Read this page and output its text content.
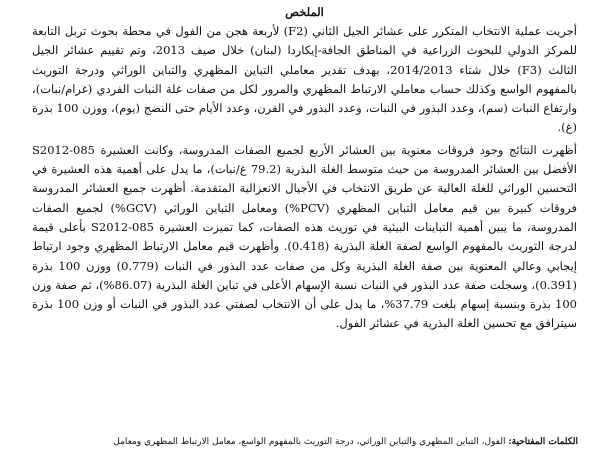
الملخص

أجريت عملية الانتخاب المتكرر على عشائر الجيل الثاني (F2) لأربعة هجن من الفول في محطة بحوث تربل التابعة للمركز الدولي للبحوث الزراعية في المناطق الجافة-إيكاردا (لبنان) خلال صيف 2013، وتم تقييم عشائر الجيل الثالث (F3) خلال شتاء 2014/2013، بهدف تقدير معاملي التباين المظهري والتباين الوراثي ودرجة التوريث بالمفهوم الواسع وكذلك حساب معاملي الارتباط المظهري والمرور لكل من صفات غلة النبات الفردي (غرام/نبات)، وارتفاع النبات (سم)، وعدد البذور في النبات، وعدد البذور في القرن، وعدد الأيام حتى النضج (يوم)، ووزن 100 بذرة (غ).

أظهرت النتائج وجود فروقات معنوية بين العشائر الأربع لجميع الصفات المدروسة، وكانت العشيرة S2012-085 الأفضل بين العشائر المدروسة من حيث متوسط الغلة البذرية (79.2 غ/نبات)، ما يدل على أهمية هذه العشيرة في التحسين الوراثي للغلة العالية عن طريق الانتخاب في الأجيال الانعزالية المتقدمة. أظهرت جميع العشائر المدروسة فروقات كبيرة بين قيم معامل التباين المظهري (PCV%) ومعامل التباين الوراثي (GCV%) لجميع الصفات المدروسة، ما يبين أهمية التباينات البيئية في توريث هذه الصفات، كما تميزت العشيرة S2012-085 بأعلى قيمة لدرجة التوريث بالمفهوم الواسع لصفة الغلة البذرية (0.418). وأظهرت قيم معامل الارتباط المظهري وجود ارتباط إيجابي وعالي المعنوية بين صفة الغلة البذرية وكل من صفات عدد البذور في النبات (0.779) ووزن 100 بذرة (0.391)، وسجلت صفة عدد البذور في النبات نسبة الإسهام الأعلى في تباين الغلة البذرية (86.07%)، ثم صفة وزن 100 بذرة وبنسبة إسهام بلغت 37.79%، ما يدل على أن الانتخاب لصفتي عدد البذور في النبات أو وزن 100 بذرة سيترافق مع تحسين الغلة البذرية في عشائر الفول.

الكلمات المفتاحية: الفول، التباين المظهري والتباين الوراثي، درجة التوريث بالمفهوم الواسع، معامل الارتباط المظهري ومعامل
